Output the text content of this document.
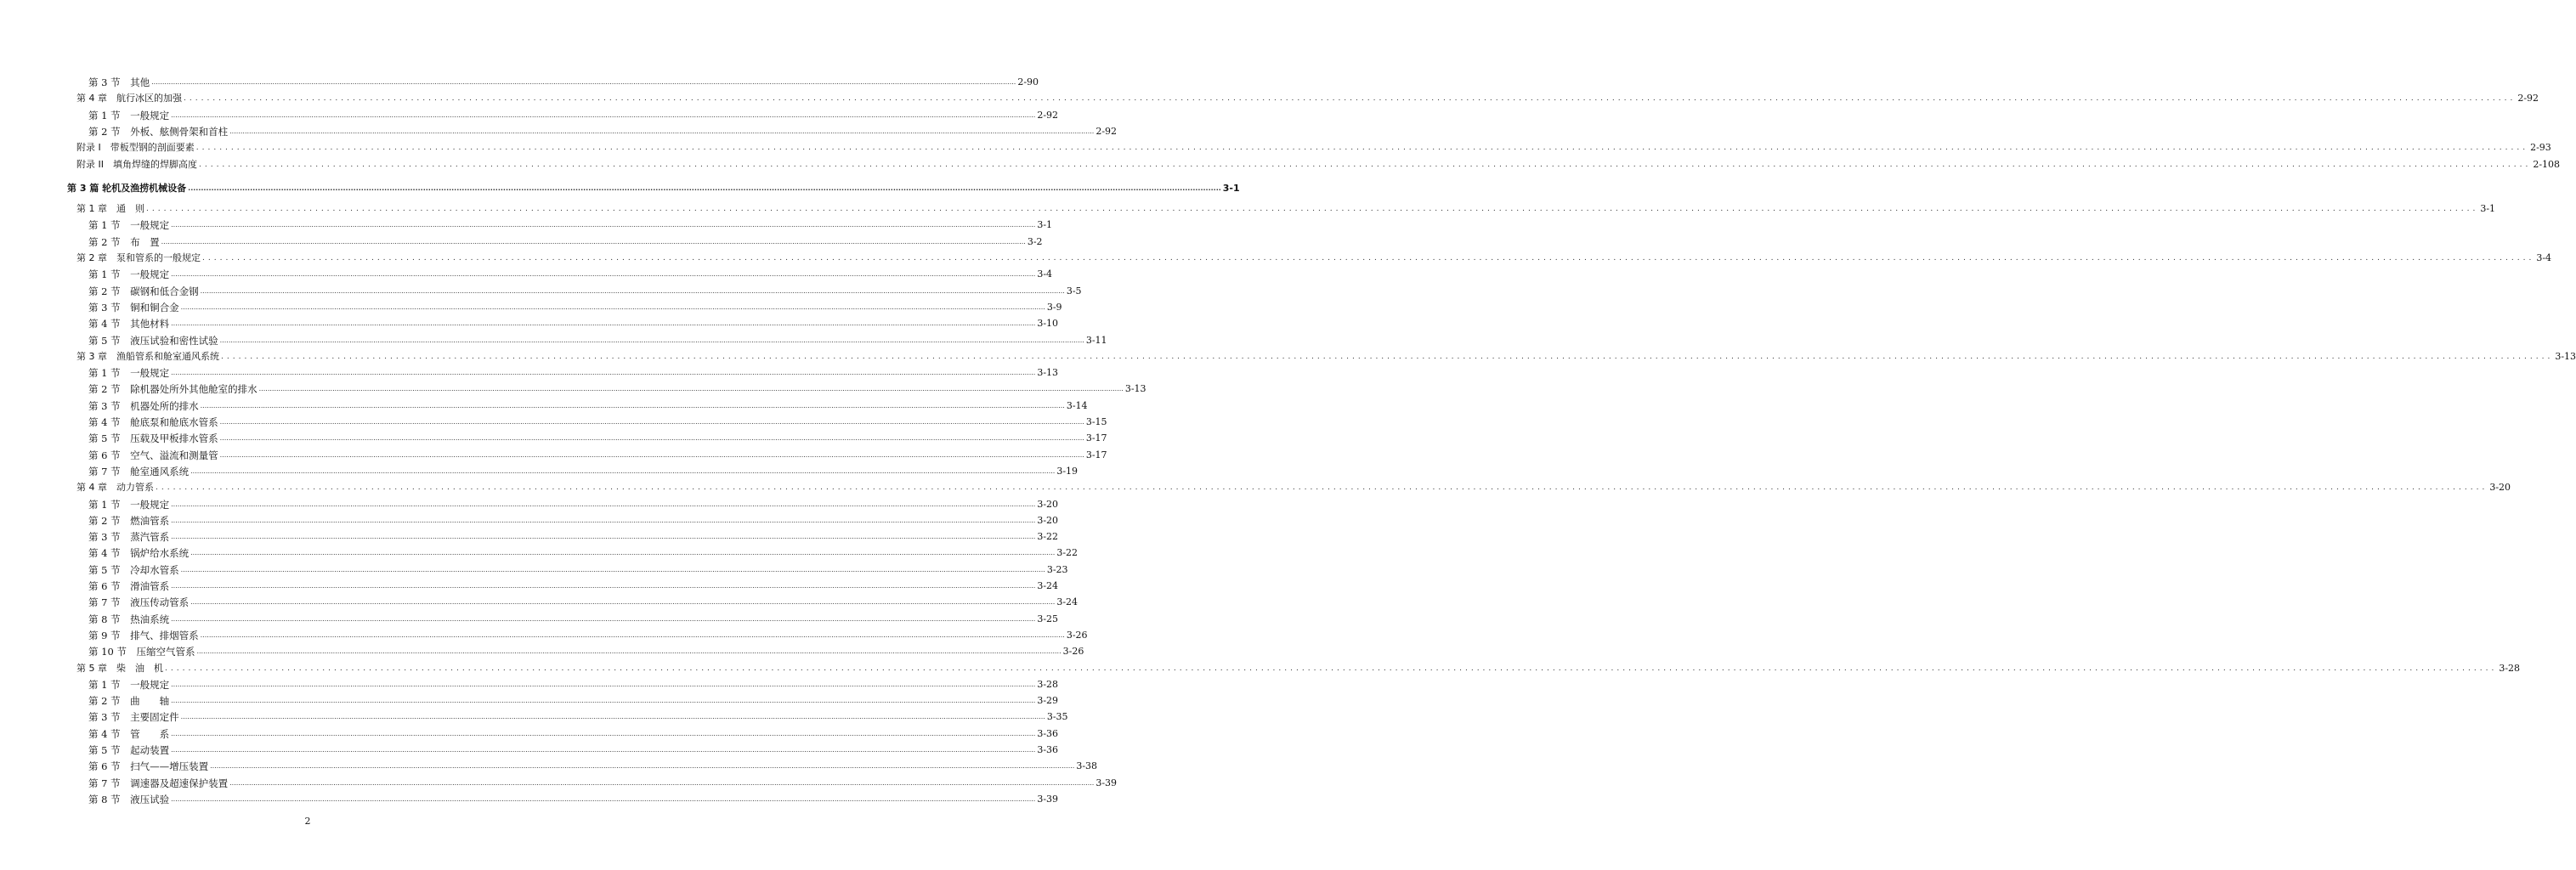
第 3 节　其他 ................................................................................................................................................................................................................................................................................................................................................................................................................ 2-90
第 4 章　航行冰区的加强 ................................................................................................................................................................................................................................................................................................................................................................................................................ 2-92
第 1 节　一般规定 ................................................................................................................................................................................................................................................................................................................................................................................................................ 2-92
第 2 节　外板、舷侧骨架和首柱 ................................................................................................................................................................................................................................................................................................................................................................................................................ 2-92
附录 I　带板型钢的剖面要素 ................................................................................................................................................................................................................................................................................................................................................................................................................ 2-93
附录 II　填角焊缝的焊脚高度 ................................................................................................................................................................................................................................................................................................................................................................................................................ 2-108
第 3 篇 轮机及渔捞机械设备 ................................................................................................................................................................................................................................................................................................................................................................................................................ 3-1
第 1 章　通　则 ................................................................................................................................................................................................................................................................................................................................................................................................................ 3-1
第 1 节　一般规定 ................................................................................................................................................................................................................................................................................................................................................................................................................ 3-1
第 2 节　布　置 ................................................................................................................................................................................................................................................................................................................................................................................................................ 3-2
第 2 章　泵和管系的一般规定 ................................................................................................................................................................................................................................................................................................................................................................................................................ 3-4
第 1 节　一般规定 ................................................................................................................................................................................................................................................................................................................................................................................................................ 3-4
第 2 节　碳钢和低合金钢 ................................................................................................................................................................................................................................................................................................................................................................................................................ 3-5
第 3 节　铜和铜合金 ................................................................................................................................................................................................................................................................................................................................................................................................................ 3-9
第 4 节　其他材料 ................................................................................................................................................................................................................................................................................................................................................................................................................ 3-10
第 5 节　液压试验和密性试验 ................................................................................................................................................................................................................................................................................................................................................................................................................ 3-11
第 3 章　渔船管系和舱室通风系统 ................................................................................................................................................................................................................................................................................................................................................................................................................ 3-13
第 1 节　一般规定 ................................................................................................................................................................................................................................................................................................................................................................................................................ 3-13
第 2 节　除机器处所外其他舱室的排水 ................................................................................................................................................................................................................................................................................................................................................................................................................ 3-13
第 3 节　机器处所的排水 ................................................................................................................................................................................................................................................................................................................................................................................................................ 3-14
第 4 节　舱底泵和舱底水管系 ................................................................................................................................................................................................................................................................................................................................................................................................................ 3-15
第 5 节　压载及甲板排水管系 ................................................................................................................................................................................................................................................................................................................................................................................................................ 3-17
第 6 节　空气、溢流和测量管 ................................................................................................................................................................................................................................................................................................................................................................................................................ 3-17
第 7 节　舱室通风系统 ................................................................................................................................................................................................................................................................................................................................................................................................................ 3-19
第 4 章　动力管系 ................................................................................................................................................................................................................................................................................................................................................................................................................ 3-20
第 1 节　一般规定 ................................................................................................................................................................................................................................................................................................................................................................................................................ 3-20
第 2 节　燃油管系 ................................................................................................................................................................................................................................................................................................................................................................................................................ 3-20
第 3 节　蒸汽管系 ................................................................................................................................................................................................................................................................................................................................................................................................................ 3-22
第 4 节　锅炉给水系统 ................................................................................................................................................................................................................................................................................................................................................................................................................ 3-22
第 5 节　冷却水管系 ................................................................................................................................................................................................................................................................................................................................................................................................................ 3-23
第 6 节　滑油管系 ................................................................................................................................................................................................................................................................................................................................................................................................................ 3-24
第 7 节　液压传动管系 ................................................................................................................................................................................................................................................................................................................................................................................................................ 3-24
第 8 节　热油系统 ................................................................................................................................................................................................................................................................................................................................................................................................................ 3-25
第 9 节　排气、排烟管系 ................................................................................................................................................................................................................................................................................................................................................................................................................ 3-26
第 10 节　压缩空气管系 ................................................................................................................................................................................................................................................................................................................................................................................................................ 3-26
第 5 章　柴　油　机 ................................................................................................................................................................................................................................................................................................................................................................................................................ 3-28
第 1 节　一般规定 ................................................................................................................................................................................................................................................................................................................................................................................................................ 3-28
第 2 节　曲　　轴 ................................................................................................................................................................................................................................................................................................................................................................................................................ 3-29
第 3 节　主要固定件 ................................................................................................................................................................................................................................................................................................................................................................................................................ 3-35
第 4 节　管　　系 ................................................................................................................................................................................................................................................................................................................................................................................................................ 3-36
第 5 节　起动装置 ................................................................................................................................................................................................................................................................................................................................................................................................................ 3-36
第 6 节　扫气——增压装置 ................................................................................................................................................................................................................................................................................................................................................................................................................ 3-38
第 7 节　调速器及超速保护装置 ................................................................................................................................................................................................................................................................................................................................................................................................................ 3-39
第 8 节　液压试验 ................................................................................................................................................................................................................................................................................................................................................................................................................ 3-39
2
